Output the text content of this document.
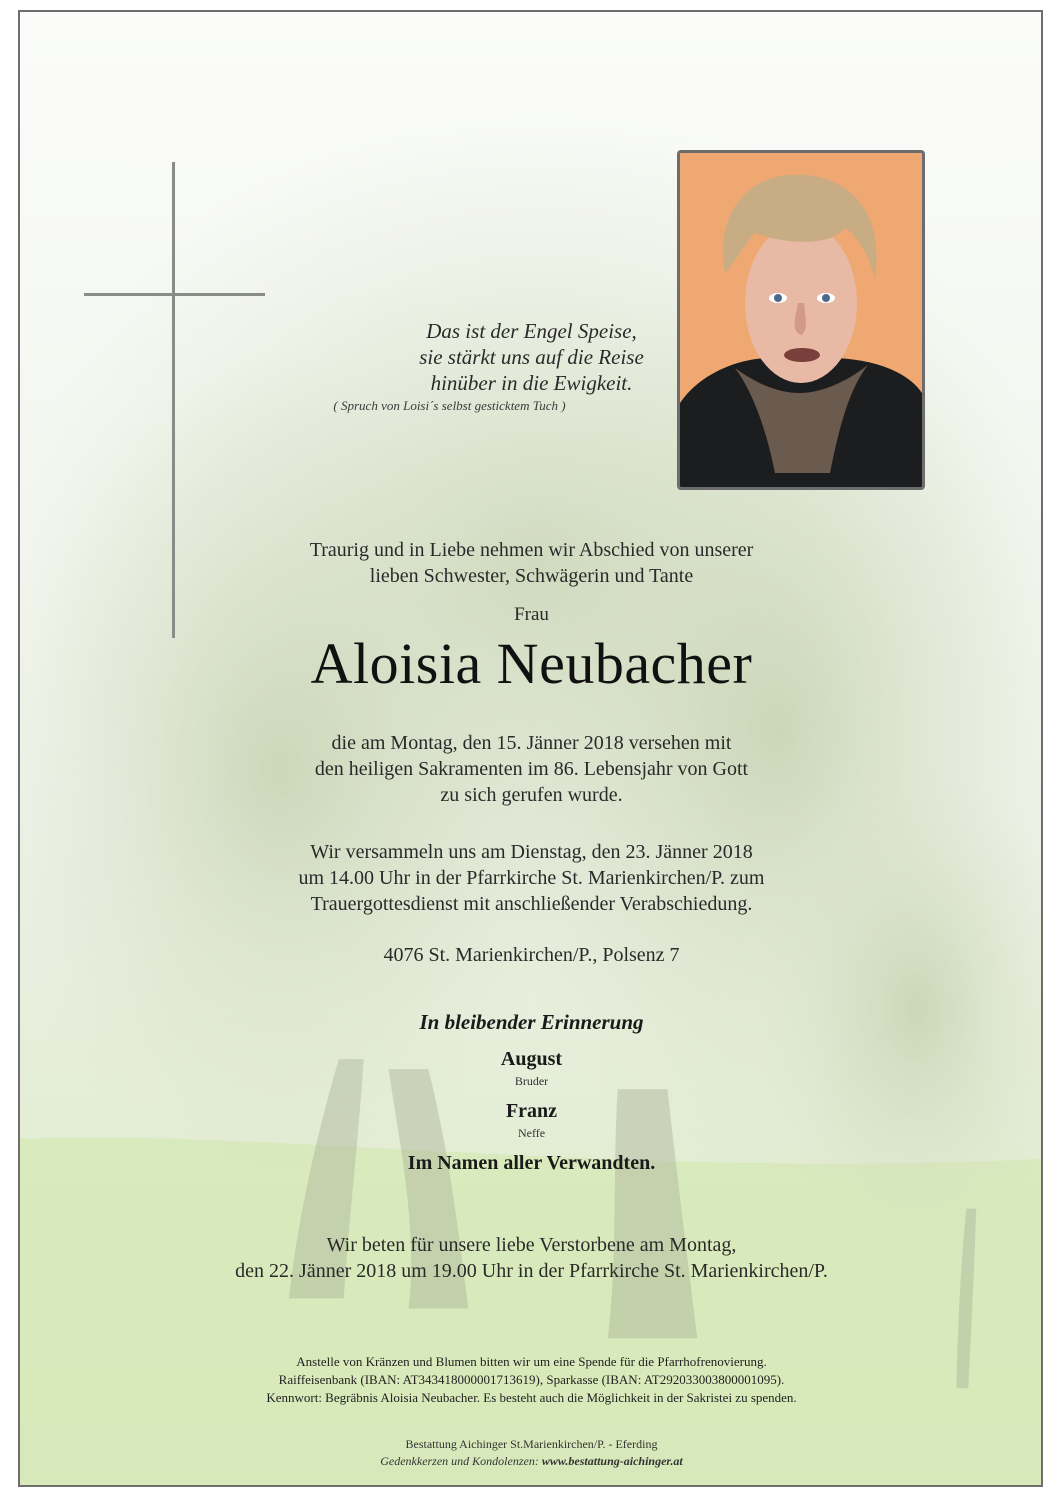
Das ist der Engel Speise,
sie stärkt uns auf die Reise
hinüber in die Ewigkeit.
( Spruch von Loisi´s selbst gesticktem Tuch )
Traurig und in Liebe nehmen wir Abschied von unserer
lieben Schwester, Schwägerin und Tante
Frau
Aloisia Neubacher
die am Montag, den 15. Jänner 2018 versehen mit
den heiligen Sakramenten im 86. Lebensjahr von Gott
zu sich gerufen wurde.
Wir versammeln uns am Dienstag, den 23. Jänner 2018
um 14.00 Uhr in der Pfarrkirche St. Marienkirchen/P. zum
Trauergottesdienst mit anschließender Verabschiedung.
4076 St. Marienkirchen/P., Polsenz 7
In bleibender Erinnerung
August
Bruder
Franz
Neffe
Im Namen aller Verwandten.
Wir beten für unsere liebe Verstorbene am Montag,
den 22. Jänner 2018 um 19.00 Uhr in der Pfarrkirche St. Marienkirchen/P.
Anstelle von Kränzen und Blumen bitten wir um eine Spende für die Pfarrhofrenovierung.
Raiffeisenbank (IBAN: AT343418000001713619), Sparkasse (IBAN: AT292033003800001095).
Kennwort: Begräbnis Aloisia Neubacher. Es besteht auch die Möglichkeit in der Sakristei zu spenden.
Bestattung Aichinger St.Marienkirchen/P. - Eferding
Gedenkkerzen und Kondolenzen: www.bestattung-aichinger.at
